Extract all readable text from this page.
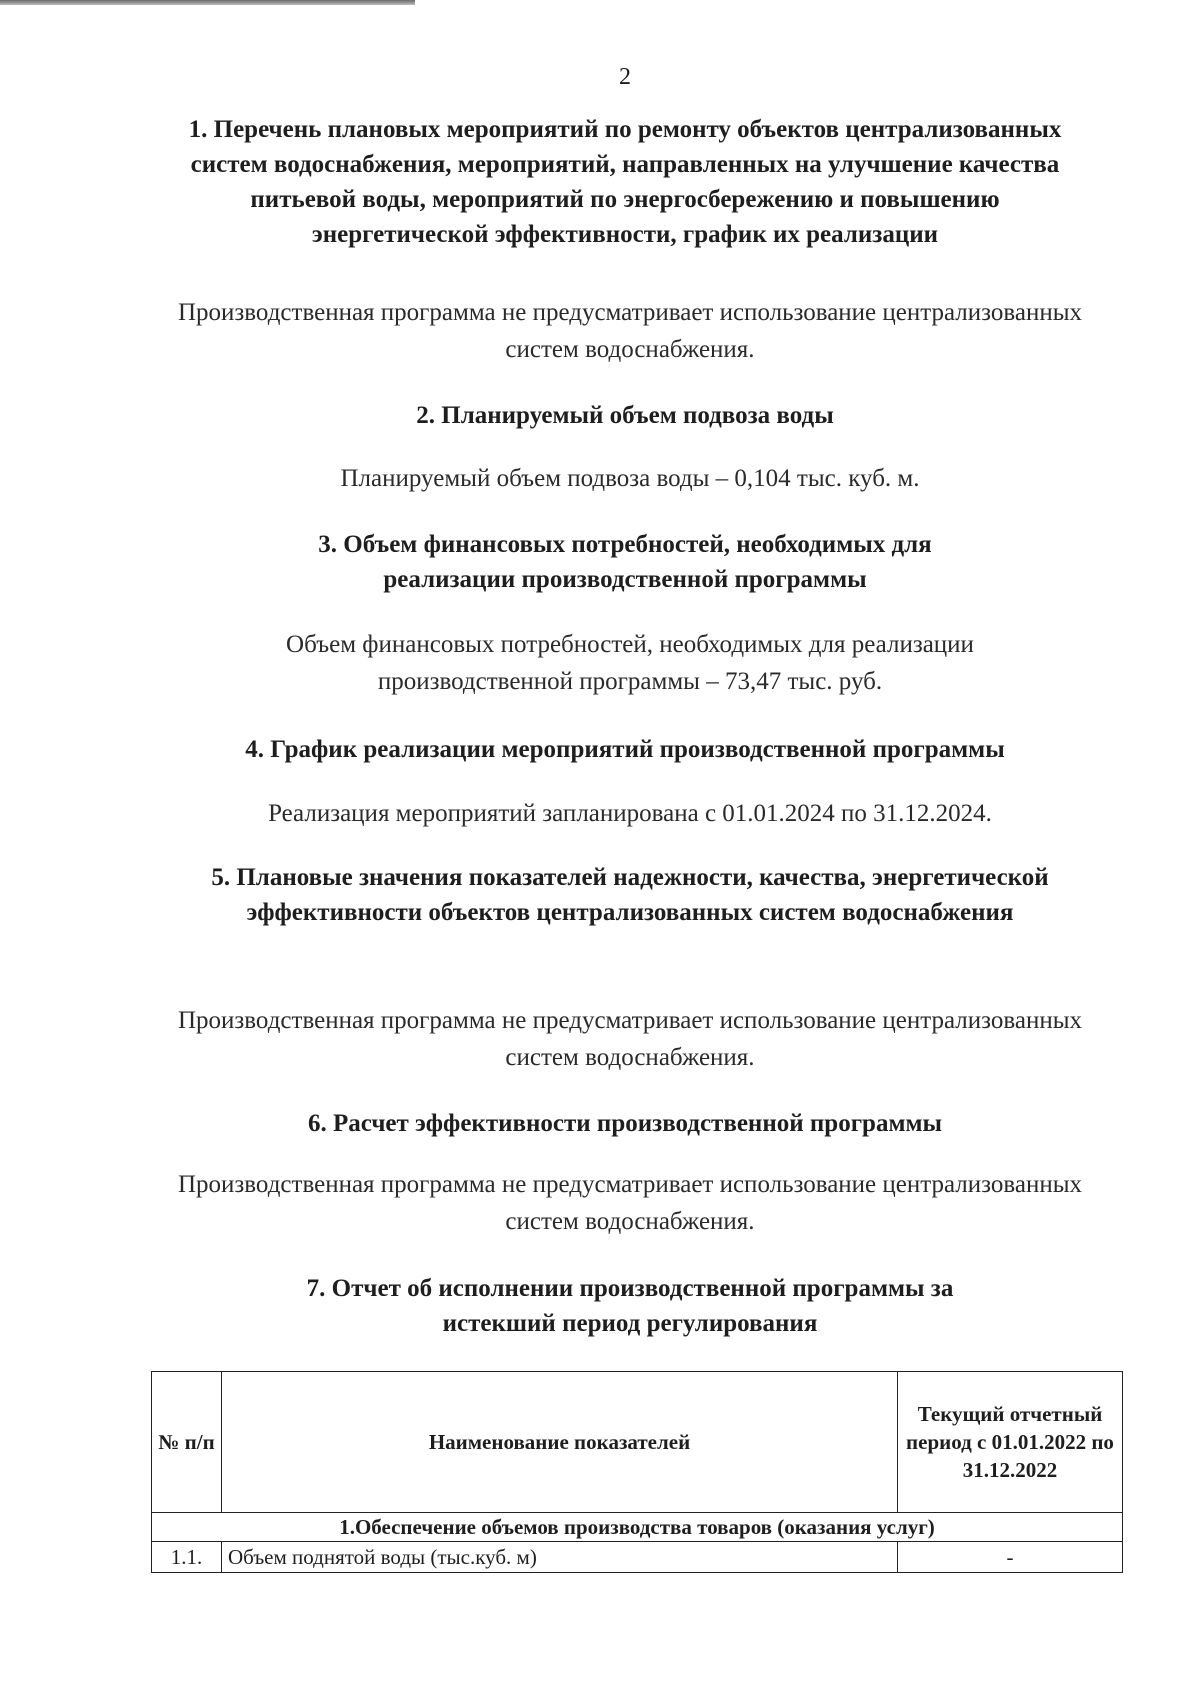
2
1. Перечень плановых мероприятий по ремонту объектов централизованных систем водоснабжения, мероприятий, направленных на улучшение качества питьевой воды, мероприятий по энергосбережению и повышению энергетической эффективности, график их реализации

Производственная программа не предусматривает использование централизованных систем водоснабжения.

2. Планируемый объем подвоза воды

Планируемый объем подвоза воды – 0,104 тыс. куб. м.

3. Объем финансовых потребностей, необходимых для реализации производственной программы

Объем финансовых потребностей, необходимых для реализации производственной программы – 73,47 тыс. руб.

4. График реализации мероприятий производственной программы

Реализация мероприятий запланирована с 01.01.2024 по 31.12.2024.

5. Плановые значения показателей надежности, качества, энергетической эффективности объектов централизованных систем водоснабжения

Производственная программа не предусматривает использование централизованных систем водоснабжения.

6. Расчет эффективности производственной программы

Производственная программа не предусматривает использование централизованных систем водоснабжения.

7. Отчет об исполнении производственной программы за истекший период регулирования
№ п/п	Наименование показателей	Текущий отчетный период с 01.01.2022 по 31.12.2022
1.Обеспечение объемов производства товаров (оказания услуг)		
1.1.	Объем поднятой воды (тыс.куб. м)	-
